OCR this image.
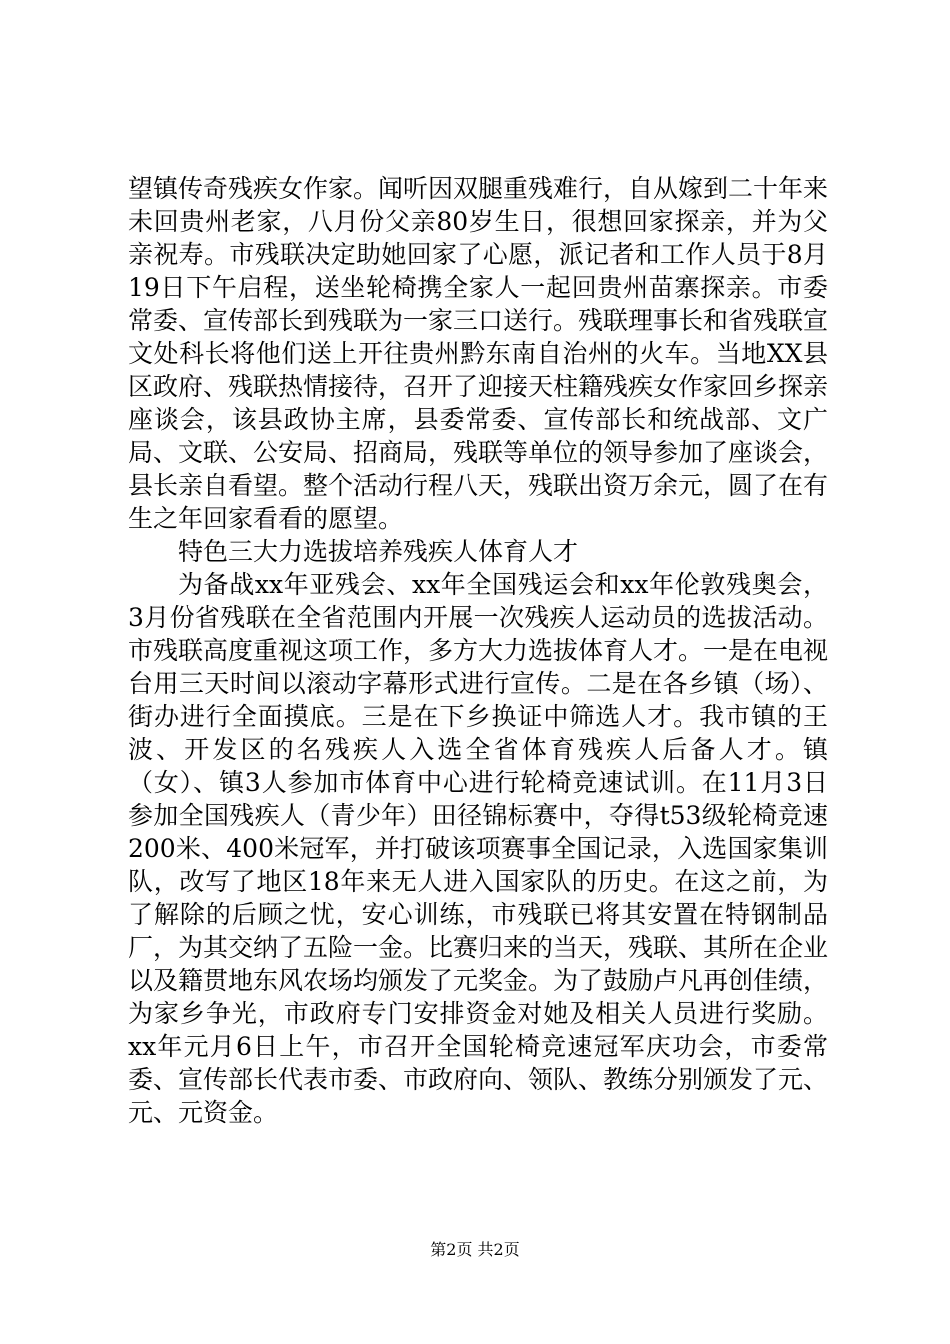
望镇传奇残疾女作家。闻听因双腿重残难行，自从嫁到二十年来未回贵州老家，八月份父亲80岁生日，很想回家探亲，并为父亲祝寿。市残联决定助她回家了心愿，派记者和工作人员于8月19日下午启程，送坐轮椅携全家人一起回贵州苗寨探亲。市委常委、宣传部长到残联为一家三口送行。残联理事长和省残联宣文处科长将他们送上开往贵州黔东南自治州的火车。当地XX县区政府、残联热情接待，召开了迎接天柱籍残疾女作家回乡探亲座谈会，该县政协主席，县委常委、宣传部长和统战部、文广局、文联、公安局、招商局，残联等单位的领导参加了座谈会，县长亲自看望。整个活动行程八天，残联出资万余元，圆了在有生之年回家看看的愿望。

特色三大力选拔培养残疾人体育人才

为备战xx年亚残会、xx年全国残运会和xx年伦敦残奥会，3月份省残联在全省范围内开展一次残疾人运动员的选拔活动。市残联高度重视这项工作，多方大力选拔体育人才。一是在电视台用三天时间以滚动字幕形式进行宣传。二是在各乡镇（场）、街办进行全面摸底。三是在下乡换证中筛选人才。我市镇的王波、开发区的名残疾人入选全省体育残疾人后备人才。镇（女）、镇3人参加市体育中心进行轮椅竞速试训。在11月3日参加全国残疾人（青少年）田径锦标赛中，夺得t53级轮椅竞速200米、400米冠军，并打破该项赛事全国记录，入选国家集训队，改写了地区18年来无人进入国家队的历史。在这之前，为了解除的后顾之忧，安心训练，市残联已将其安置在特钢制品厂，为其交纳了五险一金。比赛归来的当天，残联、其所在企业以及籍贯地东风农场均颁发了元奖金。为了鼓励卢凡再创佳绩，为家乡争光，市政府专门安排资金对她及相关人员进行奖励。xx年元月6日上午，市召开全国轮椅竞速冠军庆功会，市委常委、宣传部长代表市委、市政府向、领队、教练分别颁发了元、元、元资金。

第2页 共2页
